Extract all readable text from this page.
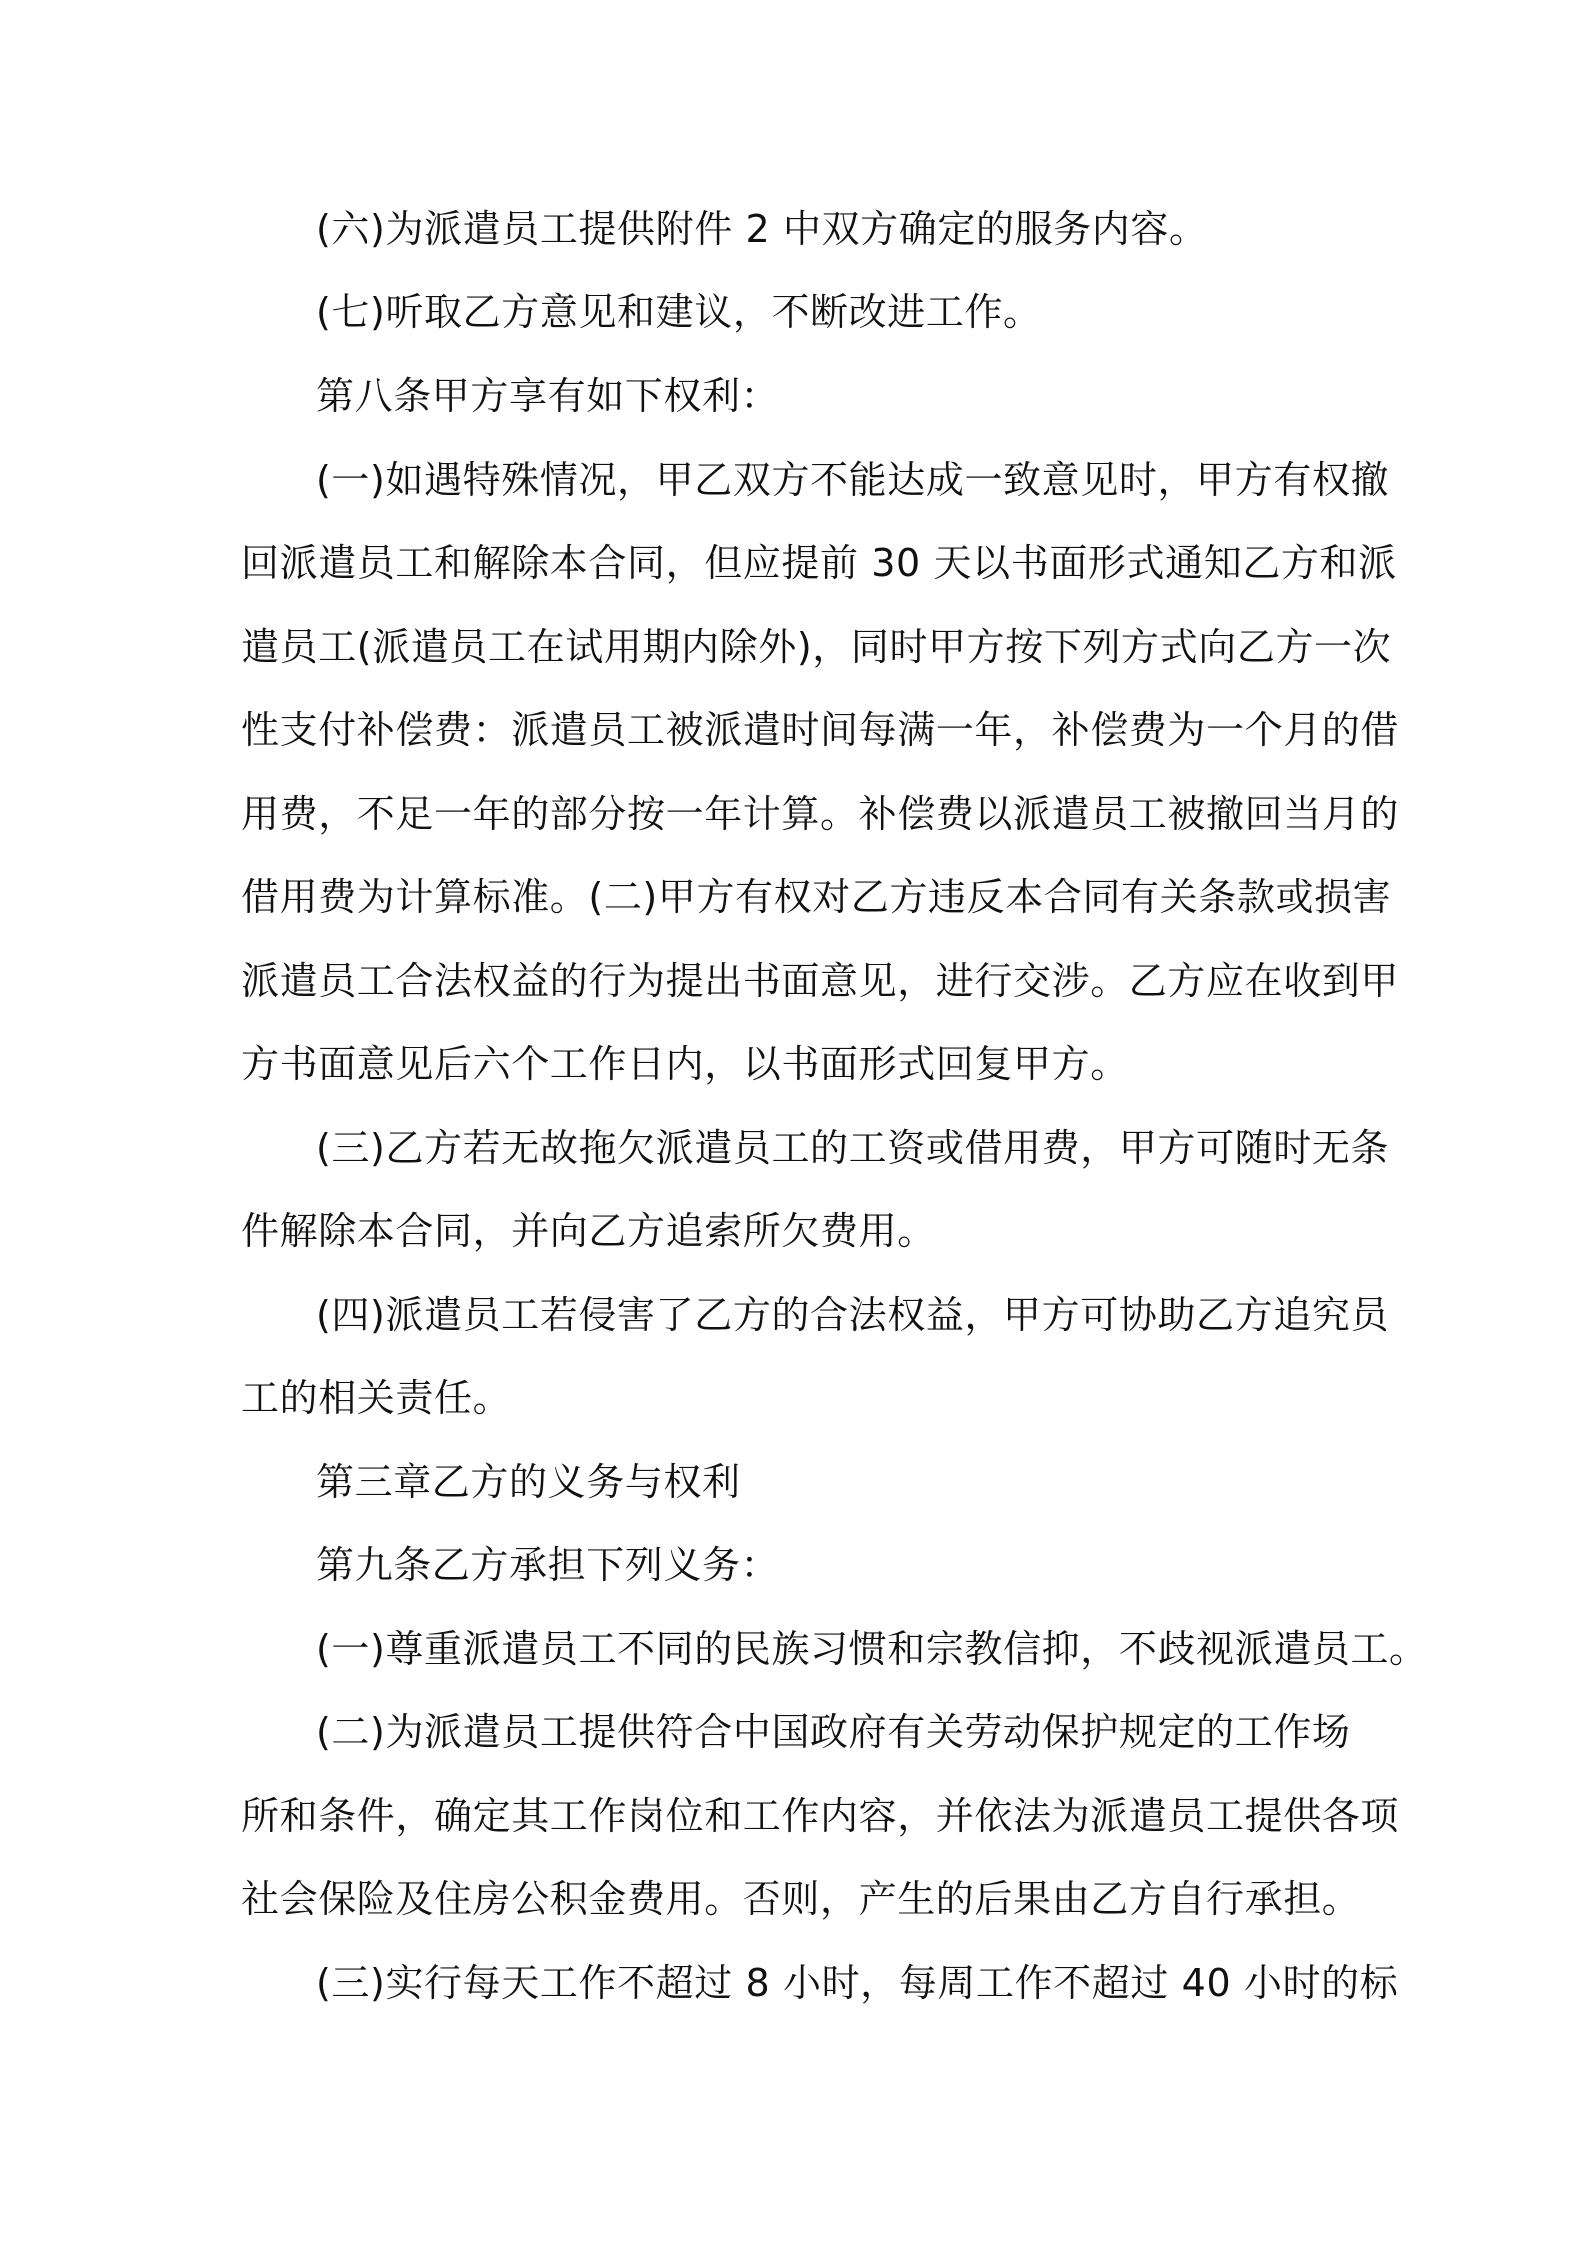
(六)为派遣员工提供附件 2 中双方确定的服务内容。
(七)听取乙方意见和建议，不断改进工作。
第八条甲方享有如下权利：
(一)如遇特殊情况，甲乙双方不能达成一致意见时，甲方有权撤
回派遣员工和解除本合同，但应提前 30 天以书面形式通知乙方和派
遣员工(派遣员工在试用期内除外)，同时甲方按下列方式向乙方一次
性支付补偿费：派遣员工被派遣时间每满一年，补偿费为一个月的借
用费，不足一年的部分按一年计算。补偿费以派遣员工被撤回当月的
借用费为计算标准。(二)甲方有权对乙方违反本合同有关条款或损害
派遣员工合法权益的行为提出书面意见，进行交涉。乙方应在收到甲
方书面意见后六个工作日内，以书面形式回复甲方。
(三)乙方若无故拖欠派遣员工的工资或借用费，甲方可随时无条
件解除本合同，并向乙方追索所欠费用。
(四)派遣员工若侵害了乙方的合法权益，甲方可协助乙方追究员
工的相关责任。
第三章乙方的义务与权利
第九条乙方承担下列义务：
(一)尊重派遣员工不同的民族习惯和宗教信抑，不歧视派遣员工。
(二)为派遣员工提供符合中国政府有关劳动保护规定的工作场
所和条件，确定其工作岗位和工作内容，并依法为派遣员工提供各项
社会保险及住房公积金费用。否则，产生的后果由乙方自行承担。
(三)实行每天工作不超过 8 小时，每周工作不超过 40 小时的标
